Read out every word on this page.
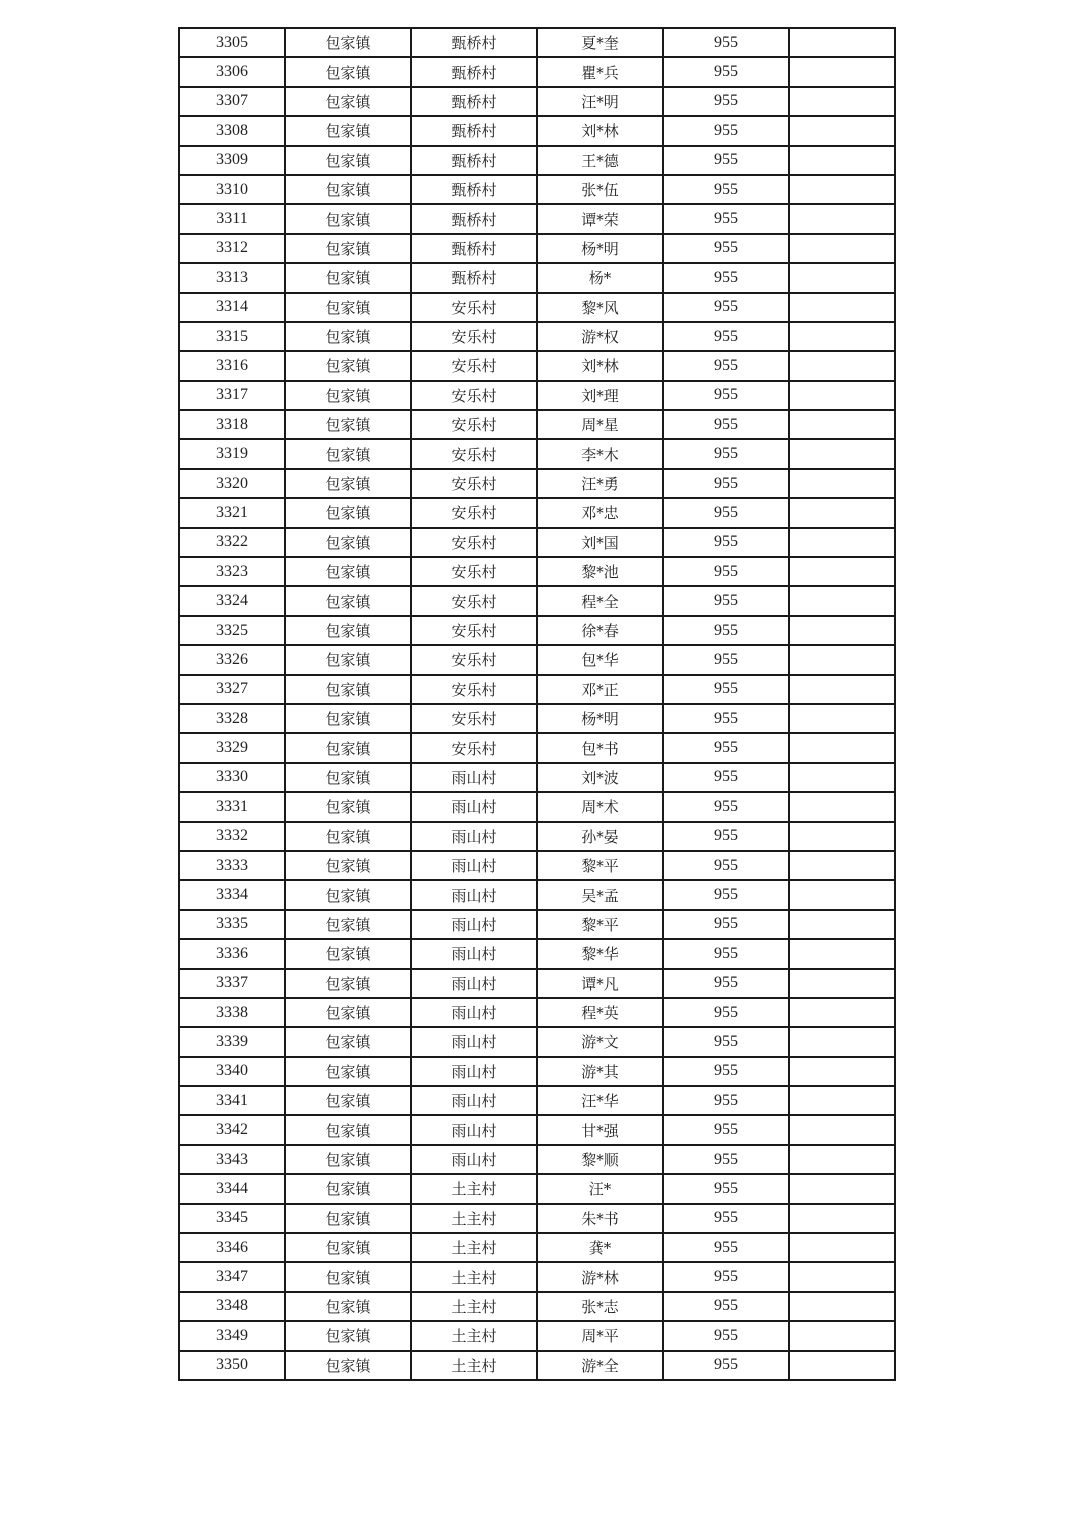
3305	包家镇	甄桥村	夏*奎	955	
3306	包家镇	甄桥村	瞿*兵	955	
3307	包家镇	甄桥村	汪*明	955	
3308	包家镇	甄桥村	刘*林	955	
3309	包家镇	甄桥村	王*德	955	
3310	包家镇	甄桥村	张*伍	955	
3311	包家镇	甄桥村	谭*荣	955	
3312	包家镇	甄桥村	杨*明	955	
3313	包家镇	甄桥村	杨*	955	
3314	包家镇	安乐村	黎*风	955	
3315	包家镇	安乐村	游*权	955	
3316	包家镇	安乐村	刘*林	955	
3317	包家镇	安乐村	刘*理	955	
3318	包家镇	安乐村	周*星	955	
3319	包家镇	安乐村	李*木	955	
3320	包家镇	安乐村	汪*勇	955	
3321	包家镇	安乐村	邓*忠	955	
3322	包家镇	安乐村	刘*国	955	
3323	包家镇	安乐村	黎*池	955	
3324	包家镇	安乐村	程*全	955	
3325	包家镇	安乐村	徐*春	955	
3326	包家镇	安乐村	包*华	955	
3327	包家镇	安乐村	邓*正	955	
3328	包家镇	安乐村	杨*明	955	
3329	包家镇	安乐村	包*书	955	
3330	包家镇	雨山村	刘*波	955	
3331	包家镇	雨山村	周*术	955	
3332	包家镇	雨山村	孙*晏	955	
3333	包家镇	雨山村	黎*平	955	
3334	包家镇	雨山村	吴*孟	955	
3335	包家镇	雨山村	黎*平	955	
3336	包家镇	雨山村	黎*华	955	
3337	包家镇	雨山村	谭*凡	955	
3338	包家镇	雨山村	程*英	955	
3339	包家镇	雨山村	游*文	955	
3340	包家镇	雨山村	游*其	955	
3341	包家镇	雨山村	汪*华	955	
3342	包家镇	雨山村	甘*强	955	
3343	包家镇	雨山村	黎*顺	955	
3344	包家镇	土主村	汪*	955	
3345	包家镇	土主村	朱*书	955	
3346	包家镇	土主村	龚*	955	
3347	包家镇	土主村	游*林	955	
3348	包家镇	土主村	张*志	955	
3349	包家镇	土主村	周*平	955	
3350	包家镇	土主村	游*全	955	
